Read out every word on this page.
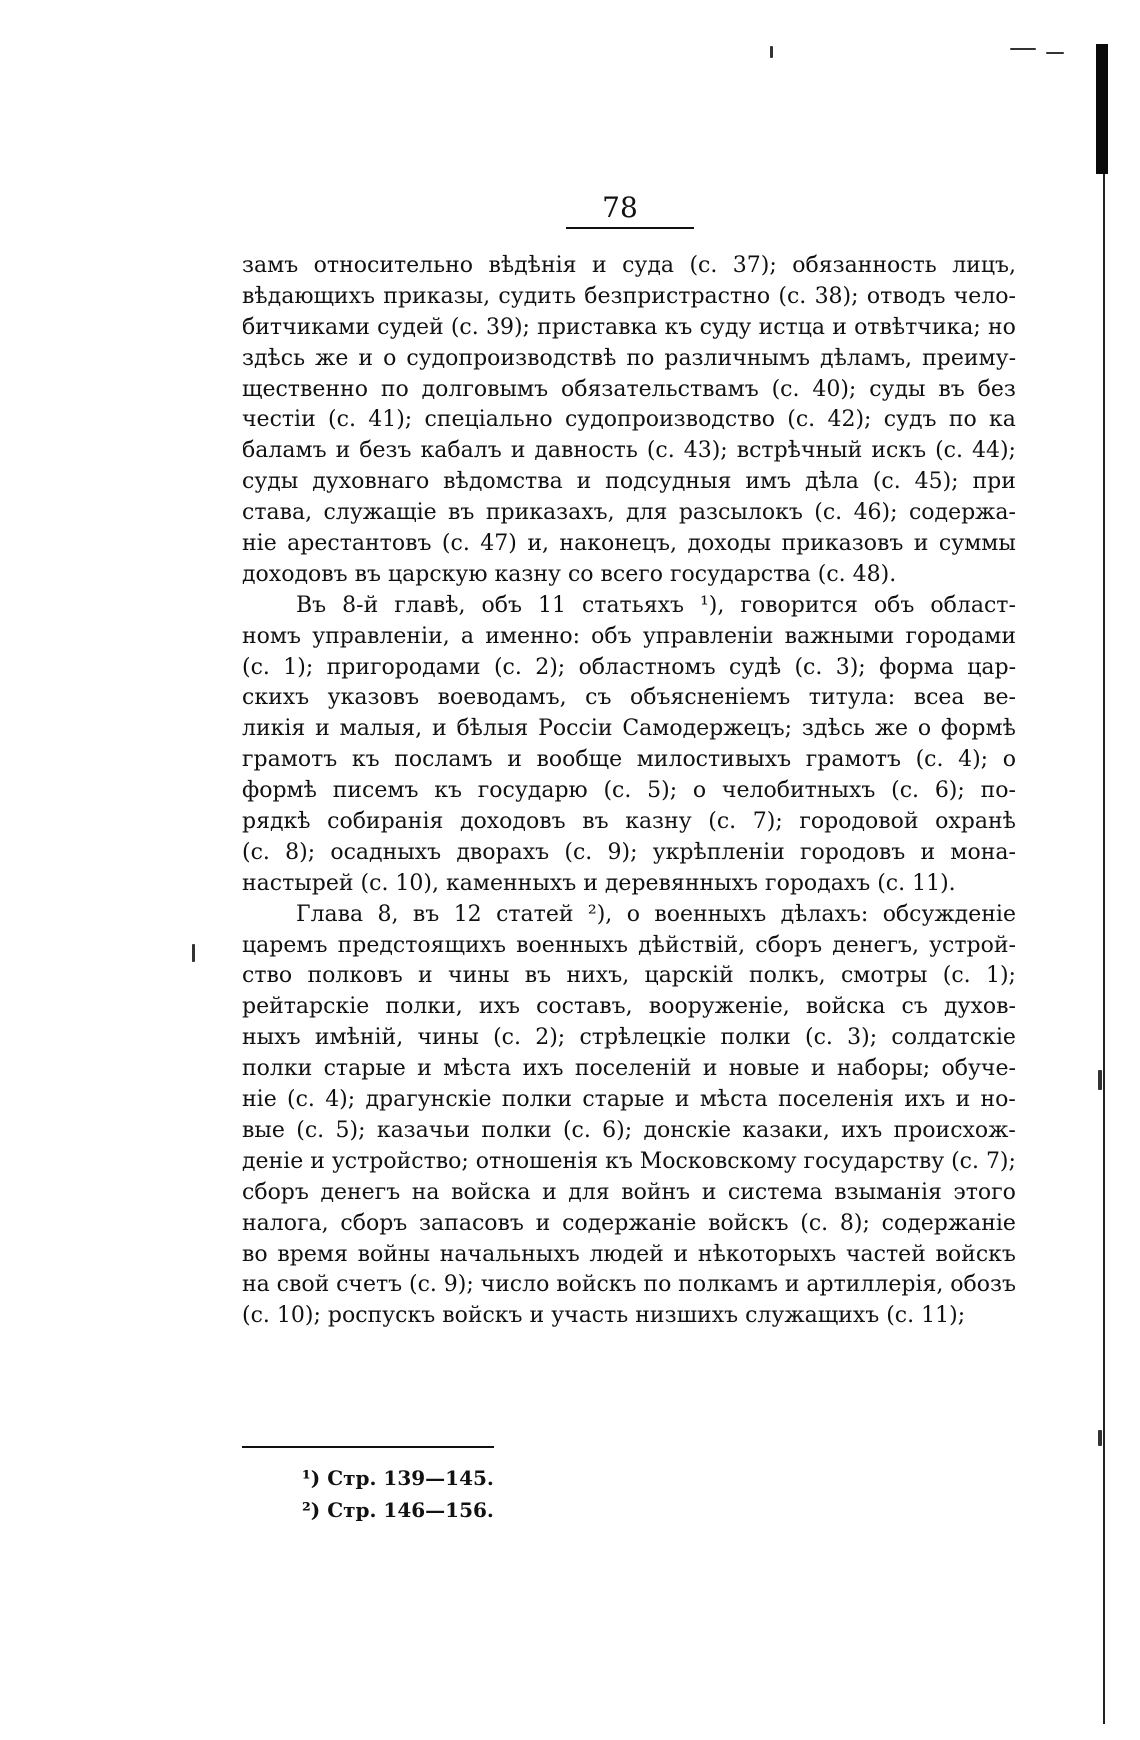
78
замъ относительно вѣдѣнія и суда (с. 37); обязанность лицъ,
вѣдающихъ приказы, судить безпристрастно (с. 38); отводъ чело-
битчиками судей (с. 39); приставка къ суду истца и отвѣтчика; но
здѣсь же и о судопроизводствѣ по различнымъ дѣламъ, преиму-
щественно по долговымъ обязательствамъ (с. 40); суды въ без
честіи (с. 41); спеціально судопроизводство (с. 42); судъ по ка
баламъ и безъ кабалъ и давность (с. 43); встрѣчный искъ (с. 44);
суды духовнаго вѣдомства и подсудныя имъ дѣла (с. 45); при
става, служащіе въ приказахъ, для разсылокъ (с. 46); содержа-
ніе арестантовъ (с. 47) и, наконецъ, доходы приказовъ и суммы
доходовъ въ царскую казну со всего государства (с. 48).
Въ 8-й главѣ, объ 11 статьяхъ ¹), говорится объ област-
номъ управленіи, а именно: объ управленіи важными городами
(с. 1); пригородами (с. 2); областномъ судѣ (с. 3); форма цар-
скихъ указовъ воеводамъ, съ объясненіемъ титула: всеа ве-
ликія и малыя, и бѣлыя Россіи Самодержецъ; здѣсь же о формѣ
грамотъ къ посламъ и вообще милостивыхъ грамотъ (с. 4); о
формѣ писемъ къ государю (с. 5); о челобитныхъ (с. 6); по-
рядкѣ собиранія доходовъ въ казну (с. 7); городовой охранѣ
(с. 8); осадныхъ дворахъ (с. 9); укрѣпленіи городовъ и мона-
настырей (с. 10), каменныхъ и деревянныхъ городахъ (с. 11).
Глава 8, въ 12 статей ²), о военныхъ дѣлахъ: обсужденіе
царемъ предстоящихъ военныхъ дѣйствій, сборъ денегъ, устрой-
ство полковъ и чины въ нихъ, царскій полкъ, смотры (с. 1);
рейтарскіе полки, ихъ составъ, вооруженіе, войска съ духов-
ныхъ имѣній, чины (с. 2); стрѣлецкіе полки (с. 3); солдатскіе
полки старые и мѣста ихъ поселеній и новые и наборы; обуче-
ніе (с. 4); драгунскіе полки старые и мѣста поселенія ихъ и но-
вые (с. 5); казачьи полки (с. 6); донскіе казаки, ихъ происхож-
деніе и устройство; отношенія къ Московскому государству (с. 7);
сборъ денегъ на войска и для войнъ и система взыманія этого
налога, сборъ запасовъ и содержаніе войскъ (с. 8); содержаніе
во время войны начальныхъ людей и нѣкоторыхъ частей войскъ
на свой счетъ (с. 9); число войскъ по полкамъ и артиллерія, обозъ
(с. 10); роспускъ войскъ и участь низшихъ служащихъ (с. 11);
¹) Стр. 139—145.
²) Стр. 146—156.
